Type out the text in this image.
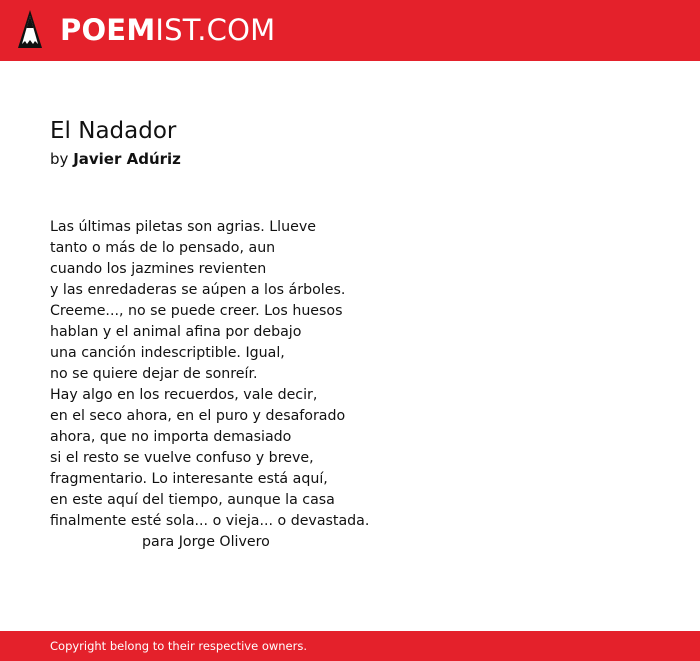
POEMIST.COM
El Nadador
by Javier Adúriz
Las últimas piletas son agrias. Llueve
tanto o más de lo pensado, aun
cuando los jazmines revienten
y las enredaderas se aúpen a los árboles.
Creeme..., no se puede creer. Los huesos
hablan y el animal afina por debajo
una canción indescriptible. Igual,
no se quiere dejar de sonreír.
Hay algo en los recuerdos, vale decir,
en el seco ahora, en el puro y desaforado
ahora, que no importa demasiado
si el resto se vuelve confuso y breve,
fragmentario. Lo interesante está aquí,
en este aquí del tiempo, aunque la casa
finalmente esté sola... o vieja... o devastada.
para Jorge Olivero
Copyright belong to their respective owners.
